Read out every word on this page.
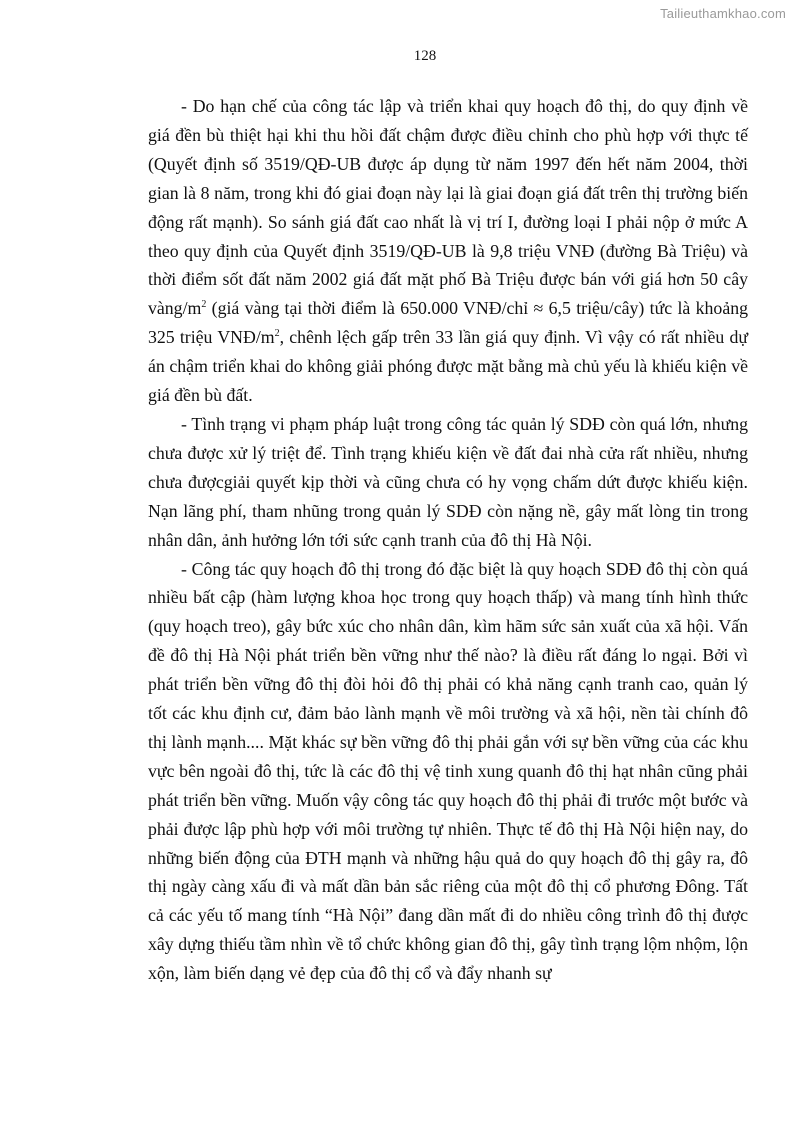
Tailieuthamkhao.com
128

- Do hạn chế của công tác lập và triển khai quy hoạch đô thị, do quy định về giá đền bù thiệt hại khi thu hồi đất chậm được điều chỉnh cho phù hợp với thực tế (Quyết định số 3519/QĐ-UB được áp dụng từ năm 1997 đến hết năm 2004, thời gian là 8 năm, trong khi đó giai đoạn này lại là giai đoạn giá đất trên thị trường biến động rất mạnh). So sánh giá đất cao nhất là vị trí I, đường loại I phải nộp ở mức A theo quy định của Quyết định 3519/QĐ-UB là 9,8 triệu VNĐ (đường Bà Triệu) và thời điểm sốt đất năm 2002 giá đất mặt phố Bà Triệu được bán với giá hơn 50 cây vàng/$m^2$ (giá vàng tại thời điểm là 650.000 VNĐ/chỉ ≈ 6,5 triệu/cây) tức là khoảng 325 triệu VNĐ/$m^2$, chênh lệch gấp trên 33 lần giá quy định. Vì vậy có rất nhiều dự án chậm triển khai do không giải phóng được mặt bằng mà chủ yếu là khiếu kiện về giá đền bù đất.

- Tình trạng vi phạm pháp luật trong công tác quản lý SDĐ còn quá lớn, nhưng chưa được xử lý triệt để. Tình trạng khiếu kiện về đất đai nhà cửa rất nhiều, nhưng chưa đượcgiải quyết kịp thời và cũng chưa có hy vọng chấm dứt được khiếu kiện. Nạn lãng phí, tham nhũng trong quản lý SDĐ còn nặng nề, gây mất lòng tin trong nhân dân, ảnh hưởng lớn tới sức cạnh tranh của đô thị Hà Nội.

- Công tác quy hoạch đô thị trong đó đặc biệt là quy hoạch SDĐ đô thị còn quá nhiều bất cập (hàm lượng khoa học trong quy hoạch thấp) và mang tính hình thức (quy hoạch treo), gây bức xúc cho nhân dân, kìm hãm sức sản xuất của xã hội. Vấn đề đô thị Hà Nội phát triển bền vững như thế nào? là điều rất đáng lo ngại. Bởi vì phát triển bền vững đô thị đòi hỏi đô thị phải có khả năng cạnh tranh cao, quản lý tốt các khu định cư, đảm bảo lành mạnh về môi trường và xã hội, nền tài chính đô thị lành mạnh.... Mặt khác sự bền vững đô thị phải gắn với sự bền vững của các khu vực bên ngoài đô thị, tức là các đô thị vệ tinh xung quanh đô thị hạt nhân cũng phải phát triển bền vững. Muốn vậy công tác quy hoạch đô thị phải đi trước một bước và phải được lập phù hợp với môi trường tự nhiên. Thực tế đô thị Hà Nội hiện nay, do những biến động của ĐTH mạnh và những hậu quả do quy hoạch đô thị gây ra, đô thị ngày càng xấu đi và mất dần bản sắc riêng của một đô thị cổ phương Đông. Tất cả các yếu tố mang tính “Hà Nội” đang dần mất đi do nhiều công trình đô thị được xây dựng thiếu tầm nhìn về tổ chức không gian đô thị, gây tình trạng lộm nhộm, lộn xộn, làm biến dạng vẻ đẹp của đô thị cổ và đẩy nhanh sự
